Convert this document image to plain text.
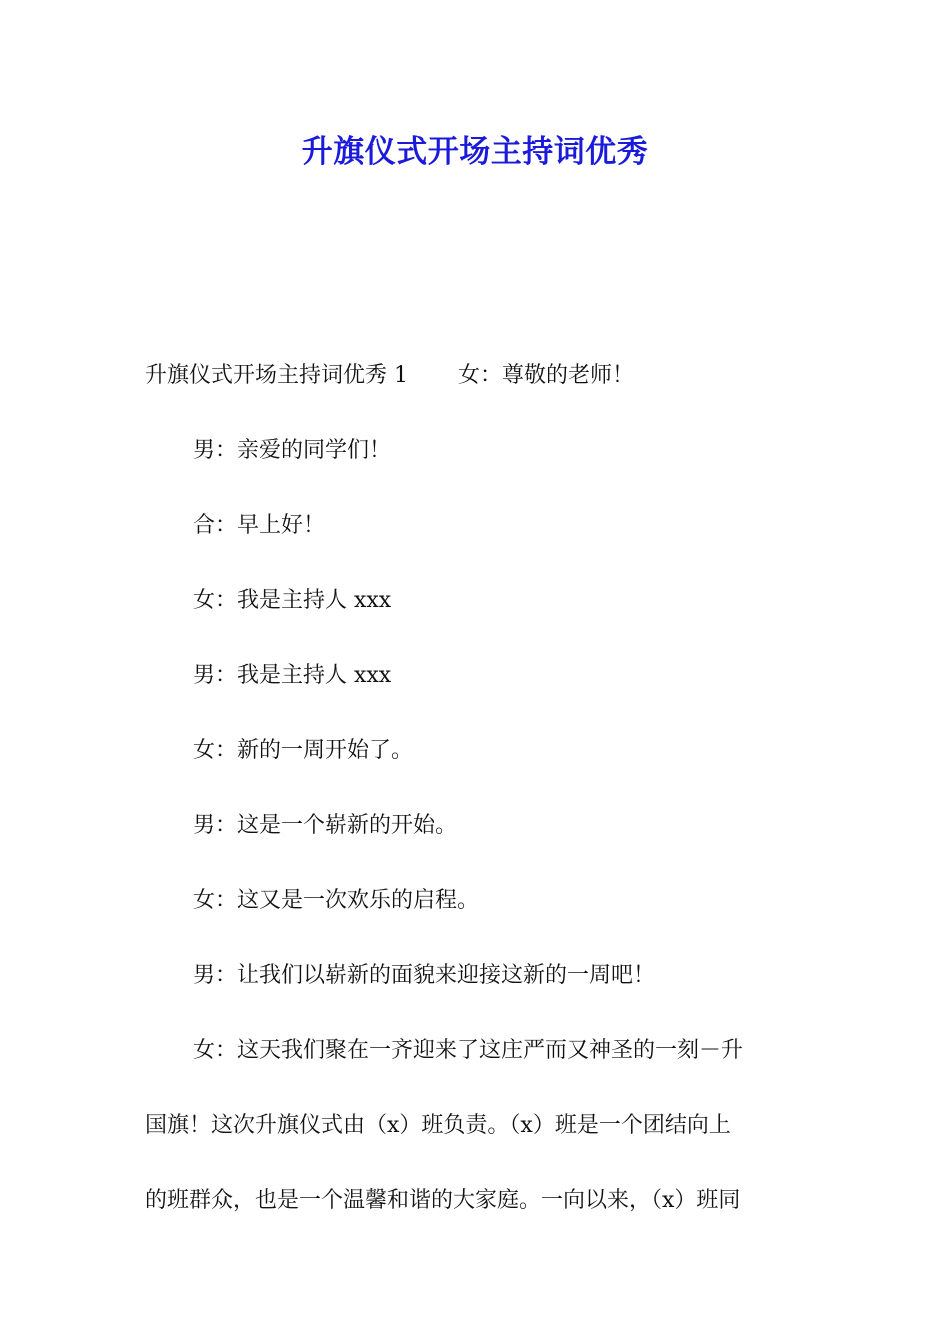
升旗仪式开场主持词优秀
升旗仪式开场主持词优秀 1 女：尊敬的老师！
男：亲爱的同学们！
合：早上好！
女：我是主持人 xxx
男：我是主持人 xxx
女：新的一周开始了。
男：这是一个崭新的开始。
女：这又是一次欢乐的启程。
男：让我们以崭新的面貌来迎接这新的一周吧！
女：这天我们聚在一齐迎来了这庄严而又神圣的一刻－升
国旗！这次升旗仪式由（x）班负责。（x）班是一个团结向上
的班群众，也是一个温馨和谐的大家庭。一向以来，（x）班同
